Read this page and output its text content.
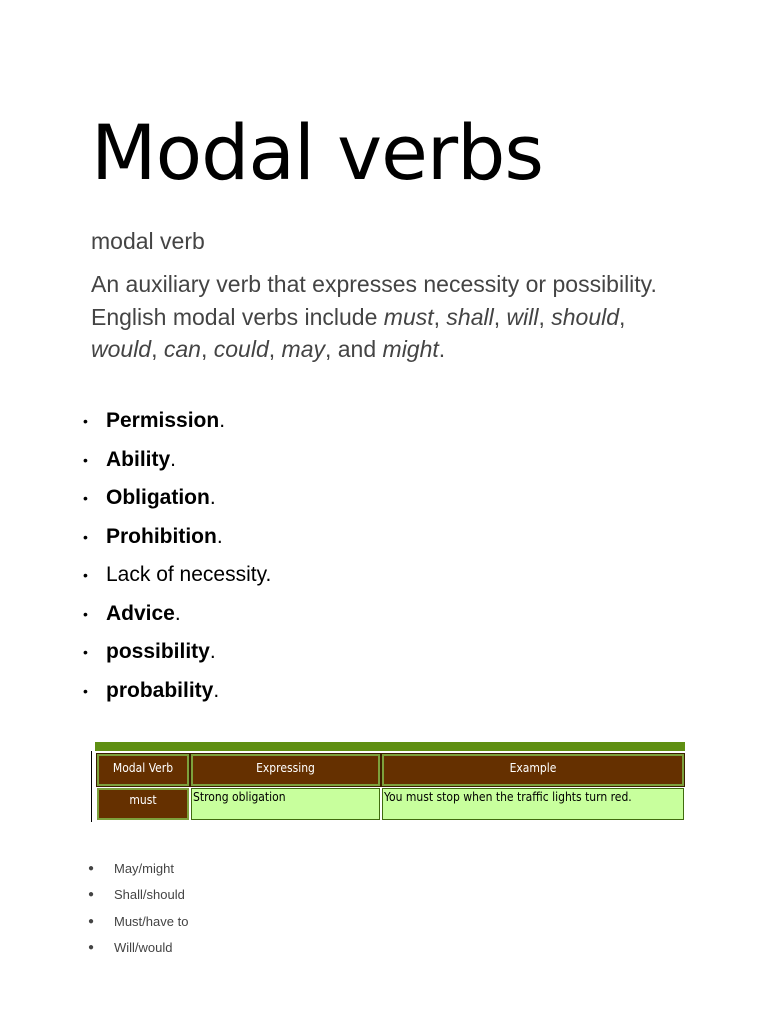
Modal verbs
modal verb
An auxiliary verb that expresses necessity or possibility. English modal verbs include must, shall, will, should, would, can, could, may, and might.
• Permission.
• Ability.
• Obligation.
• Prohibition.
• Lack of necessity.
• Advice.
• possibility.
• probability.
Modal Verb	Expressing	Example
must	Strong obligation	You must stop when the traffic lights turn red.
● May/might
● Shall/should
● Must/have to
● Will/would
